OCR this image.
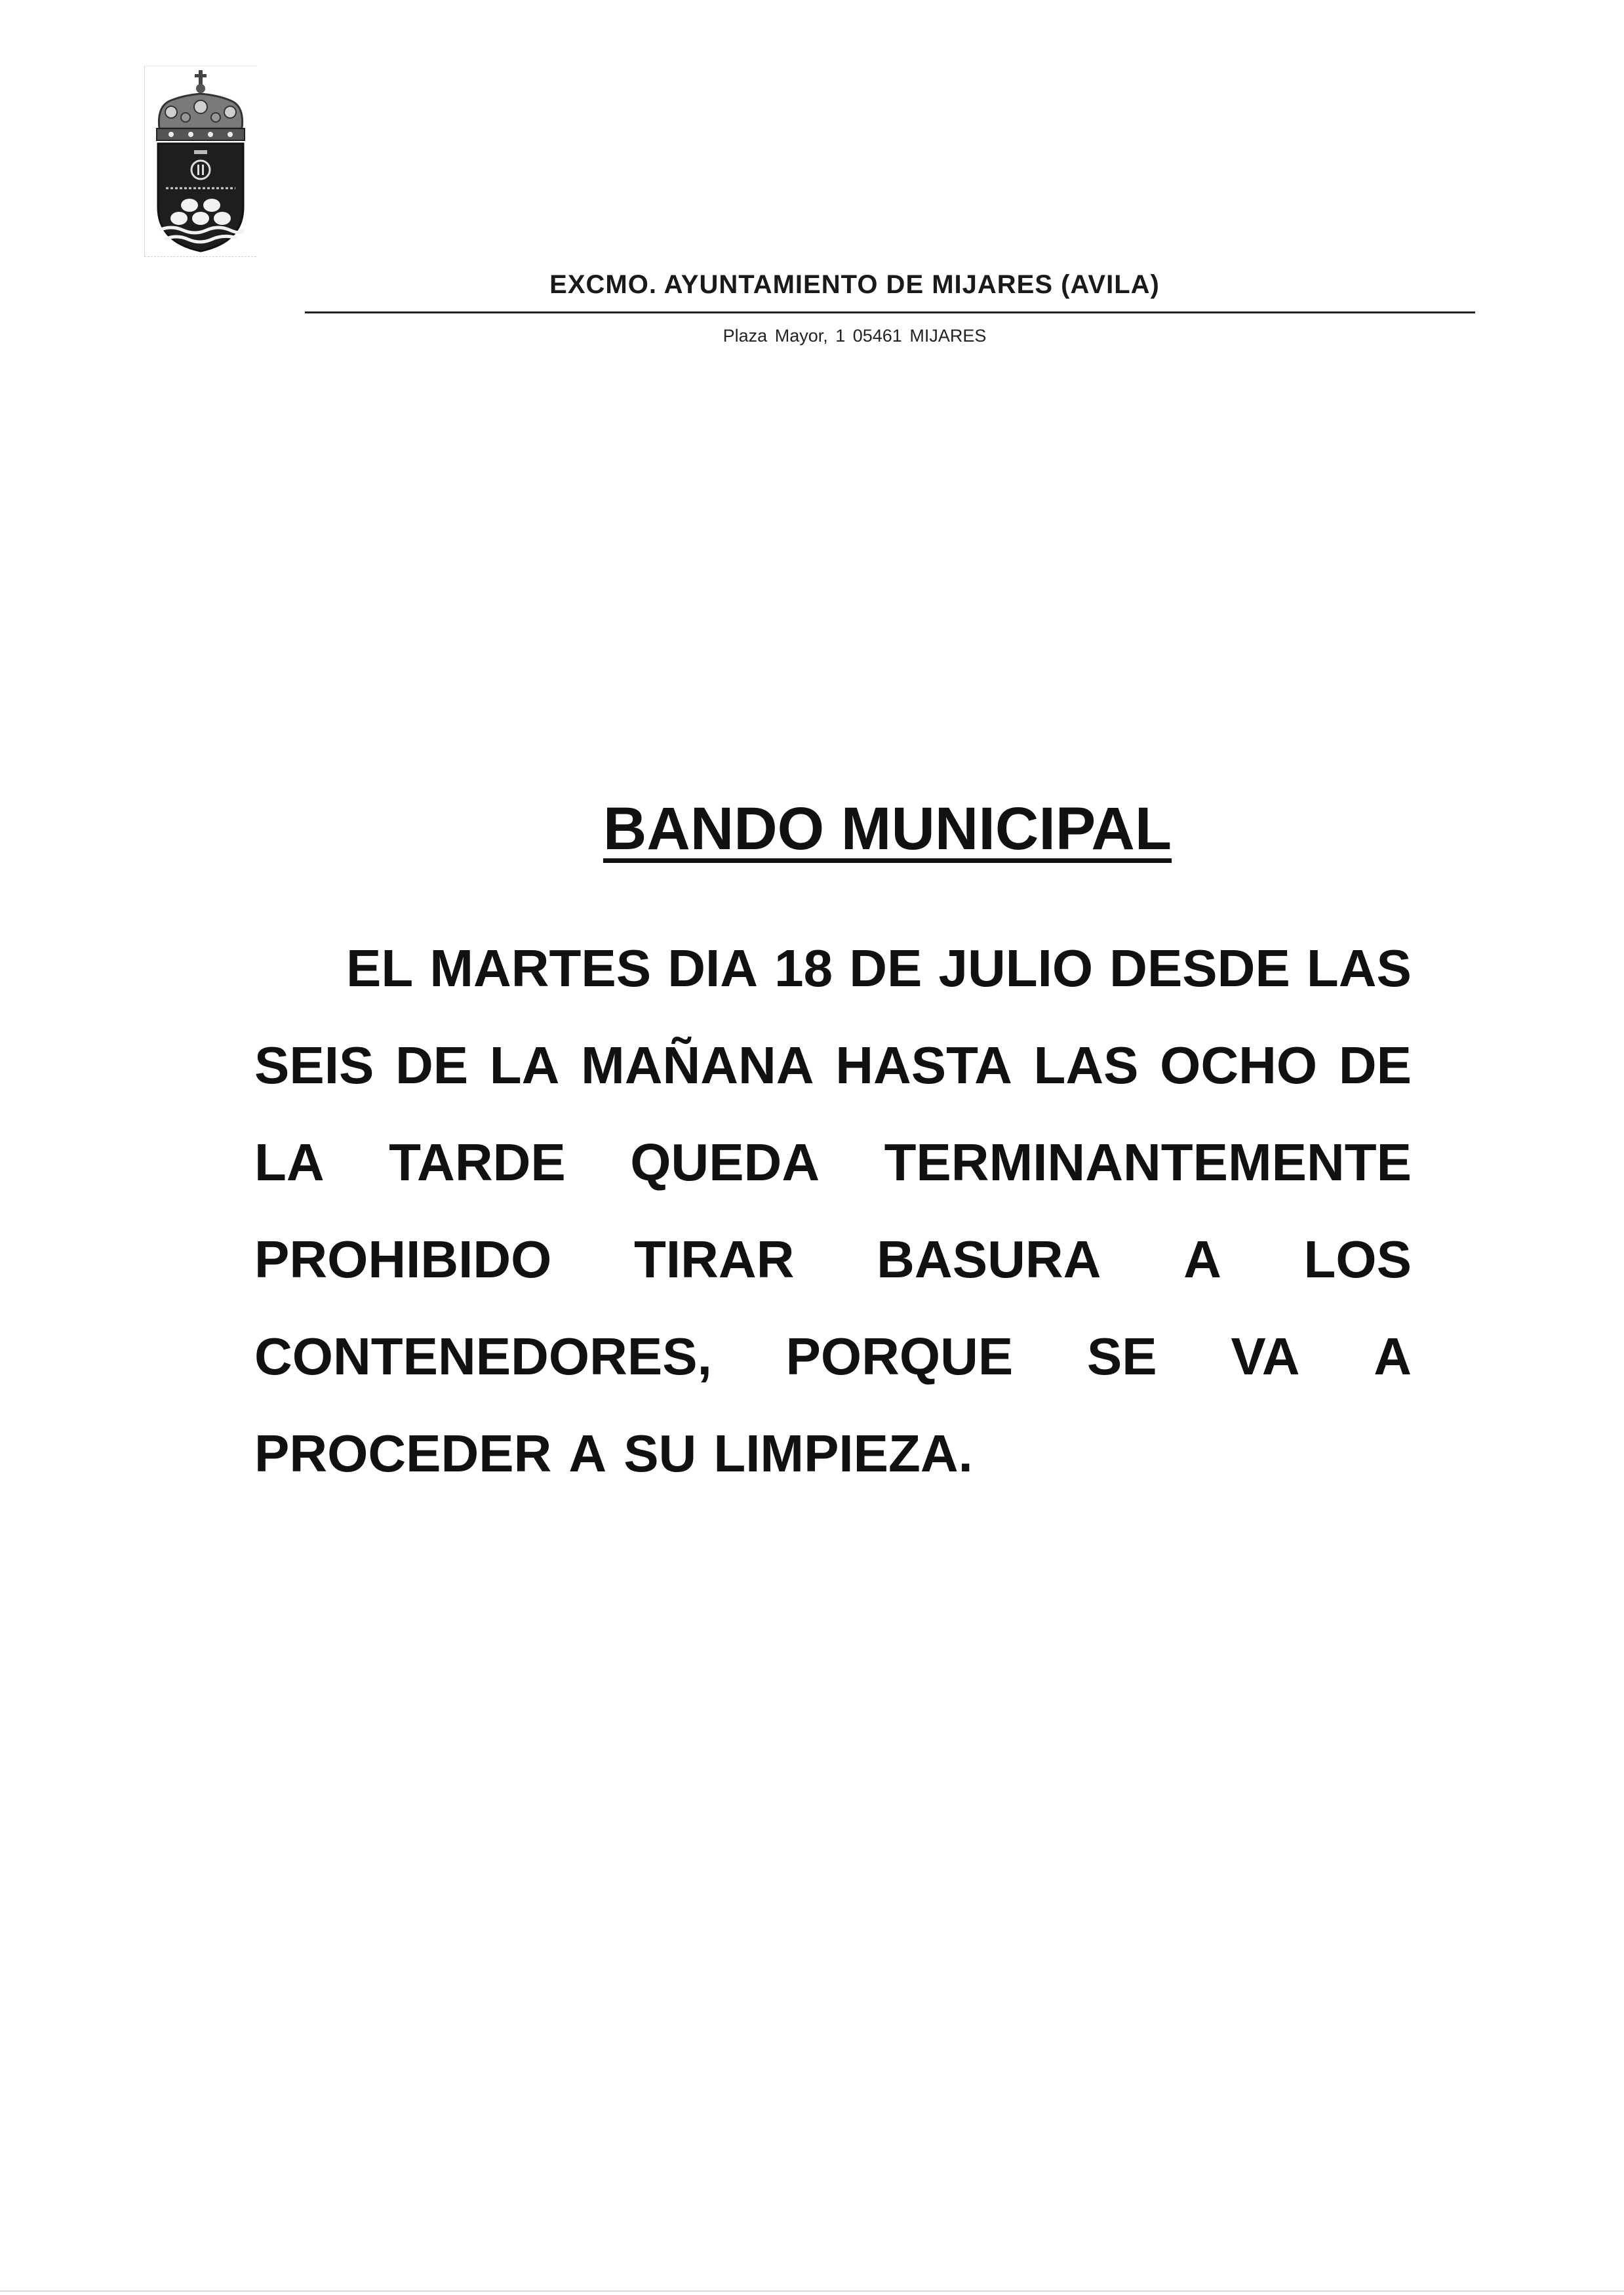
EXCMO. AYUNTAMIENTO DE MIJARES (AVILA)
Plaza Mayor, 1 05461 MIJARES
BANDO MUNICIPAL
EL MARTES DIA 18 DE JULIO DESDE LAS
SEIS DE LA MAÑANA HASTA LAS OCHO DE
LA TARDE QUEDA TERMINANTEMENTE
PROHIBIDO TIRAR BASURA A LOS
CONTENEDORES, PORQUE SE VA A
PROCEDER A SU LIMPIEZA.
